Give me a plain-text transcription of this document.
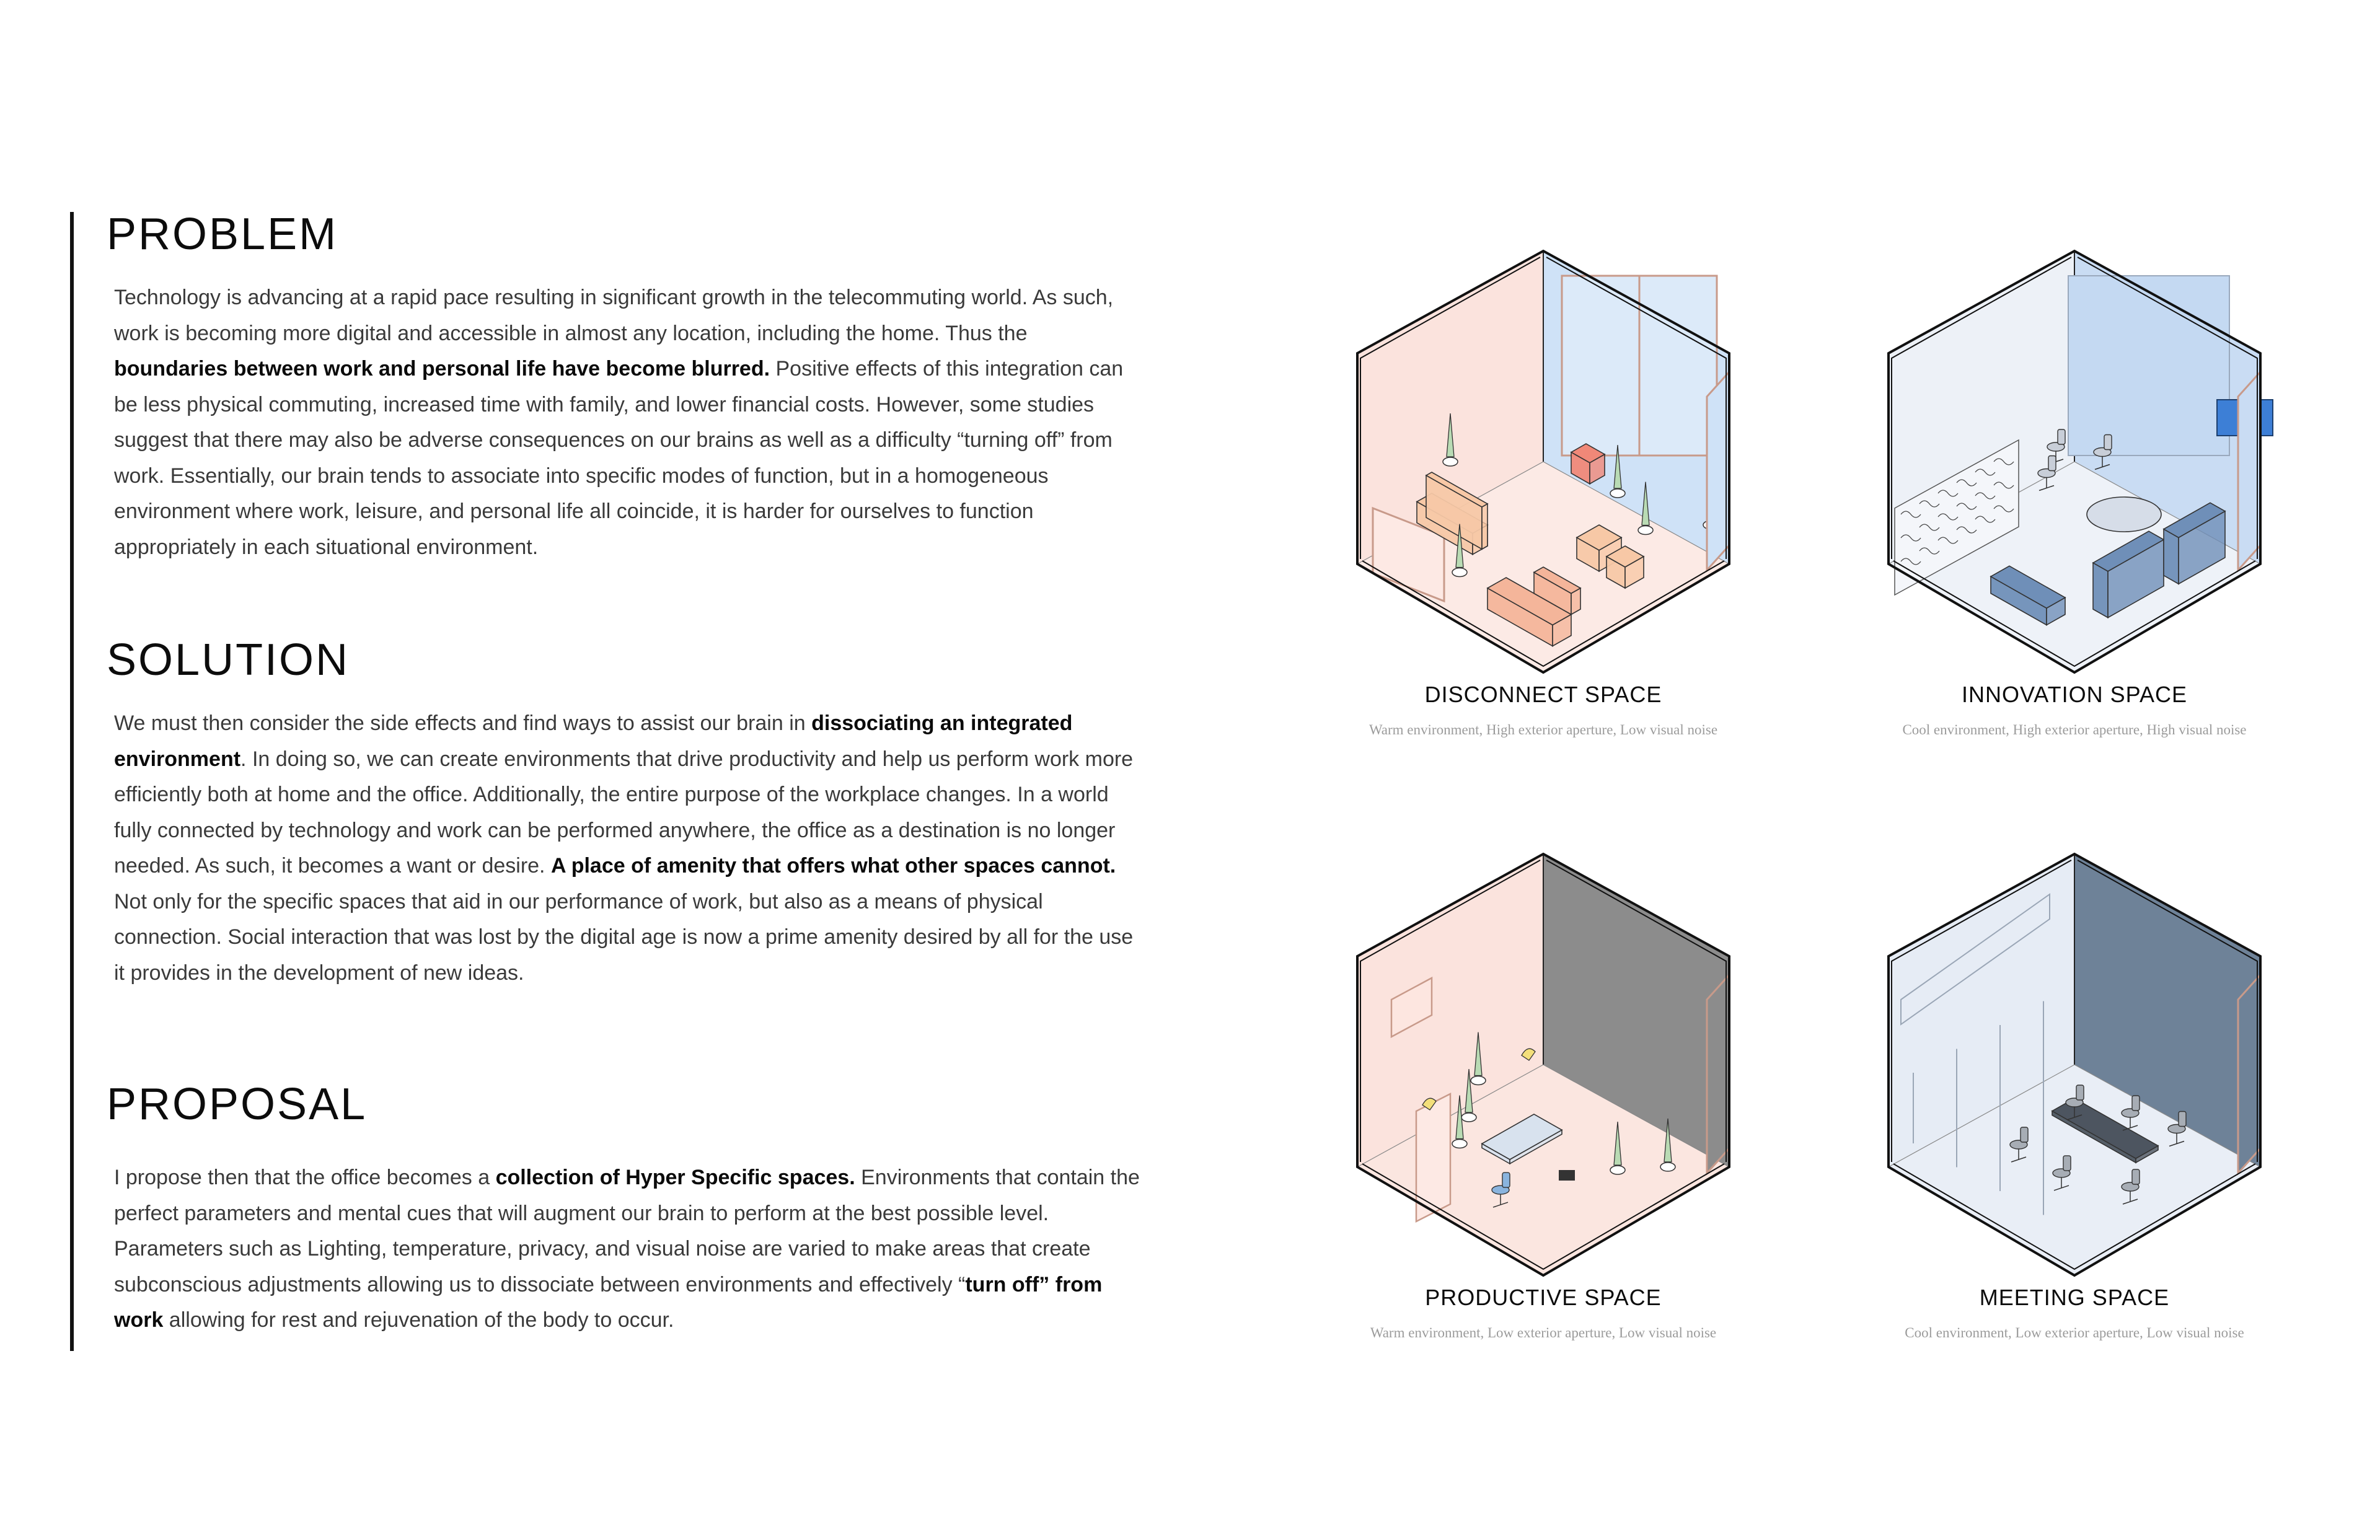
PROBLEM

Technology is advancing at a rapid pace resulting in significant growth in the telecommuting world. As such, work is becoming more digital and accessible in almost any location, including the home. Thus the boundaries between work and personal life have become blurred. Positive effects of this integration can be less physical commuting, increased time with family, and lower financial costs. However, some studies suggest that there may also be adverse consequences on our brains as well as a difficulty “turning off” from work. Essentially, our brain tends to associate into specific modes of function, but in a homogeneous environment where work, leisure, and personal life all coincide, it is harder for ourselves to function appropriately in each situational environment.

SOLUTION

We must then consider the side effects and find ways to assist our brain in dissociating an integrated environment. In doing so, we can create environments that drive productivity and help us perform work more efficiently both at home and the office. Additionally, the entire purpose of the workplace changes. In a world fully connected by technology and work can be performed anywhere, the office as a destination is no longer needed. As such, it becomes a want or desire. A place of amenity that offers what other spaces cannot. Not only for the specific spaces that aid in our performance of work, but also as a means of physical connection. Social interaction that was lost by the digital age is now a prime amenity desired by all for the use it provides in the development of new ideas.

PROPOSAL

I propose then that the office becomes a collection of Hyper Specific spaces. Environments that contain the perfect parameters and mental cues that will augment our brain to perform at the best possible level. Parameters such as Lighting, temperature, privacy, and visual noise are varied to make areas that create subconscious adjustments allowing us to dissociate between environments and effectively “turn off” from work allowing for rest and rejuvenation of the body to occur.

DISCONNECT SPACE
Warm environment, High exterior aperture, Low visual noise
INNOVATION SPACE
Cool environment, High exterior aperture, High visual noise
PRODUCTIVE SPACE
Warm environment, Low exterior aperture, Low visual noise
MEETING SPACE
Cool environment, Low exterior aperture, Low visual noise
